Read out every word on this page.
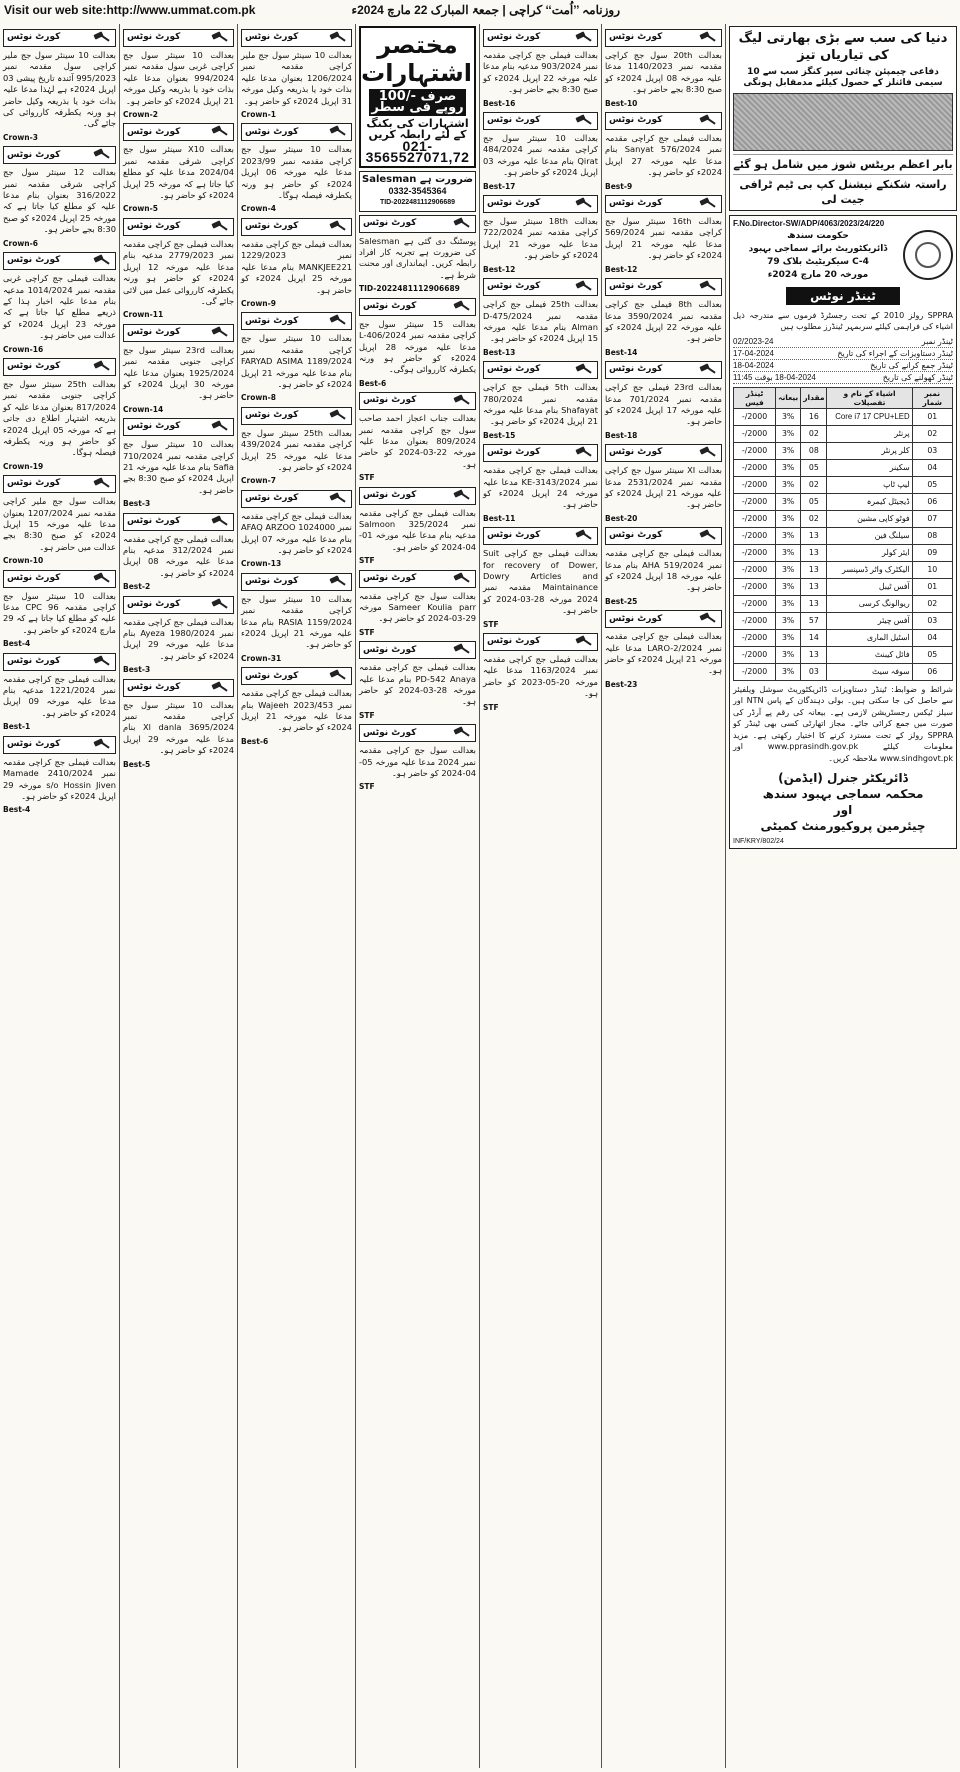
Visit our web site:http://www.ummat.com.pk	روزنامہ ’’اُمت‘‘ کراچی | جمعۃ المبارک 22 مارچ 2024ء
کورٹ نوٹس

بعدالت 10 سینئر سول جج ملیر کراچی سول مقدمہ نمبر 995/2023 آئندہ تاریخ پیشی 03 اپریل 2024ء ہے لہٰذا مدعا علیہ بذات خود یا بذریعہ وکیل حاضر ہو ورنہ یکطرفہ کارروائی کی جائے گی۔

Crown-3
کورٹ نوٹس

بعدالت 12 سینئر سول جج کراچی شرقی مقدمہ نمبر 316/2022 بعنوان بنام مدعا علیہ کو مطلع کیا جاتا ہے کہ مورخہ 25 اپریل 2024ء کو صبح 8:30 بجے حاضر ہو۔

Crown-6
کورٹ نوٹس

بعدالت فیملی جج کراچی غربی مقدمہ نمبر 1014/2024 مدعیہ بنام مدعا علیہ اخبار ہذا کے ذریعے مطلع کیا جاتا ہے کہ مورخہ 23 اپریل 2024ء کو عدالت میں حاضر ہو۔

Crown-16
کورٹ نوٹس

بعدالت 25th سینئر سول جج کراچی جنوبی مقدمہ نمبر 817/2024 بعنوان مدعا علیہ کو بذریعہ اشتہار اطلاع دی جاتی ہے کہ مورخہ 05 اپریل 2024ء کو حاضر ہو ورنہ یکطرفہ فیصلہ ہوگا۔

Crown-19
کورٹ نوٹس

بعدالت سول جج ملیر کراچی مقدمہ نمبر 1207/2024 بعنوان مدعا علیہ مورخہ 15 اپریل 2024ء کو صبح 8:30 بجے عدالت میں حاضر ہو۔

Crown-10
کورٹ نوٹس

بعدالت 10 سینئر سول جج کراچی مقدمہ CPC 96 مدعا علیہ کو مطلع کیا جاتا ہے کہ 29 مارچ 2024ء کو حاضر ہو۔

Best-4
کورٹ نوٹس

بعدالت فیملی جج کراچی مقدمہ نمبر 1221/2024 مدعیہ بنام مدعا علیہ مورخہ 09 اپریل 2024ء کو حاضر ہو۔

Best-1
کورٹ نوٹس

بعدالت فیملی جج کراچی مقدمہ نمبر 2410/2024 Mamade s/o Hossin Jiven مورخہ 29 اپریل 2024ء کو حاضر ہو۔

Best-4
کورٹ نوٹس

بعدالت 10 سینئر سول جج کراچی غربی سول مقدمہ نمبر 994/2024 بعنوان مدعا علیہ بذات خود یا بذریعہ وکیل مورخہ 21 اپریل 2024ء کو حاضر ہو۔

Crown-2
کورٹ نوٹس

بعدالت X10 سینئر سول جج کراچی شرقی مقدمہ نمبر 2024/04 مدعا علیہ کو مطلع کیا جاتا ہے کہ مورخہ 25 اپریل 2024ء کو حاضر ہو۔

Crown-5
کورٹ نوٹس

بعدالت فیملی جج کراچی مقدمہ نمبر 2779/2023 مدعیہ بنام مدعا علیہ مورخہ 12 اپریل 2024ء کو حاضر ہو ورنہ یکطرفہ کارروائی عمل میں لائی جائے گی۔

Crown-11
کورٹ نوٹس

بعدالت 23rd سینئر سول جج کراچی جنوبی مقدمہ نمبر 1925/2024 بعنوان مدعا علیہ مورخہ 30 اپریل 2024ء کو حاضر ہو۔

Crown-14
کورٹ نوٹس

بعدالت 10 سینئر سول جج کراچی مقدمہ نمبر 710/2024 Safia بنام مدعا علیہ مورخہ 21 اپریل 2024ء کو صبح 8:30 بجے حاضر ہو۔

Best-3
کورٹ نوٹس

بعدالت فیملی جج کراچی مقدمہ نمبر 312/2024 مدعیہ بنام مدعا علیہ مورخہ 08 اپریل 2024ء کو حاضر ہو۔

Best-2
کورٹ نوٹس

بعدالت فیملی جج کراچی مقدمہ نمبر 1980/2024 Ayeza بنام مدعا علیہ مورخہ 29 اپریل 2024ء کو حاضر ہو۔

Best-3
کورٹ نوٹس

بعدالت 10 سینئر سول جج کراچی مقدمہ نمبر 3695/2024 Xl danla بنام مدعا علیہ مورخہ 29 اپریل 2024ء کو حاضر ہو۔

Best-5
کورٹ نوٹس

بعدالت 10 سینئر سول جج ملیر کراچی مقدمہ نمبر 1206/2024 بعنوان مدعا علیہ بذات خود یا بذریعہ وکیل مورخہ 31 اپریل 2024ء کو حاضر ہو۔

Crown-1
کورٹ نوٹس

بعدالت 10 سینئر سول جج کراچی مقدمہ نمبر 2023/99 مدعا علیہ مورخہ 06 اپریل 2024ء کو حاضر ہو ورنہ یکطرفہ فیصلہ ہوگا۔

Crown-4
کورٹ نوٹس

بعدالت فیملی جج کراچی مقدمہ نمبر 1229/2023 MANKJEE221 بنام مدعا علیہ مورخہ 25 اپریل 2024ء کو حاضر ہو۔

Crown-9
کورٹ نوٹس

بعدالت 10 سینئر سول جج کراچی مقدمہ نمبر 1189/2024 FARYAD ASIMA بنام مدعا علیہ مورخہ 21 اپریل 2024ء کو حاضر ہو۔

Crown-8
کورٹ نوٹس

بعدالت 25th سینئر سول جج کراچی مقدمہ نمبر 439/2024 مدعا علیہ مورخہ 25 اپریل 2024ء کو حاضر ہو۔

Crown-7
کورٹ نوٹس

بعدالت فیملی جج کراچی مقدمہ نمبر 1024000 AFAQ ARZOO بنام مدعا علیہ مورخہ 07 اپریل 2024ء کو حاضر ہو۔

Crown-13
کورٹ نوٹس

بعدالت 10 سینئر سول جج کراچی مقدمہ نمبر 1159/2024 RASIA بنام مدعا علیہ مورخہ 21 اپریل 2024ء کو حاضر ہو۔

Crown-31
کورٹ نوٹس

بعدالت فیملی جج کراچی مقدمہ نمبر 2023/453 Wajeeh بنام مدعا علیہ مورخہ 21 اپریل 2024ء کو حاضر ہو۔

Best-6
مختصر اشتہارات
صرف -/100 روپے فی سطر
اشتہارات کی بکنگ کے لئے رابطہ کریں
021-3565527071,72
ضرورت ہے Salesman
0332-3545364
TID-2022481112906689
کورٹ نوٹس

پوسٹنگ دی گئی ہے Salesman کی ضرورت ہے تجربہ کار افراد رابطہ کریں۔ ایمانداری اور محنت شرط ہے۔

TID-2022481112906689
کورٹ نوٹس

بعدالت 15 سینئر سول جج کراچی مقدمہ نمبر L-406/2024 مدعا علیہ مورخہ 28 اپریل 2024ء کو حاضر ہو ورنہ یکطرفہ کارروائی ہوگی۔

Best-6
کورٹ نوٹس

بعدالت جناب اعجاز احمد صاحب سول جج کراچی مقدمہ نمبر 809/2024 بعنوان مدعا علیہ مورخہ 22-03-2024 کو حاضر ہو۔

STF
کورٹ نوٹس

بعدالت فیملی جج کراچی مقدمہ نمبر 325/2024 Salmoon مدعیہ بنام مدعا علیہ مورخہ 01-04-2024 کو حاضر ہو۔

STF
کورٹ نوٹس

بعدالت سول جج کراچی مقدمہ Sameer Koulia parr مورخہ 29-03-2024 کو حاضر ہو۔

STF
کورٹ نوٹس

بعدالت فیملی جج کراچی مقدمہ PD-542 Anaya بنام مدعا علیہ مورخہ 28-03-2024 کو حاضر ہو۔

STF
کورٹ نوٹس

بعدالت سول جج کراچی مقدمہ نمبر 2024 مدعا علیہ مورخہ 05-04-2024 کو حاضر ہو۔

STF
کورٹ نوٹس

بعدالت فیملی جج کراچی مقدمہ نمبر 903/2024 مدعیہ بنام مدعا علیہ مورخہ 22 اپریل 2024ء کو صبح 8:30 بجے حاضر ہو۔

Best-16
کورٹ نوٹس

بعدالت 10 سینئر سول جج کراچی مقدمہ نمبر 484/2024 Qirat بنام مدعا علیہ مورخہ 03 اپریل 2024ء کو حاضر ہو۔

Best-17
کورٹ نوٹس

بعدالت 18th سینئر سول جج کراچی مقدمہ نمبر 722/2024 مدعا علیہ مورخہ 21 اپریل 2024ء کو حاضر ہو۔

Best-12
کورٹ نوٹس

بعدالت 25th فیملی جج کراچی مقدمہ نمبر D-475/2024 Alman بنام مدعا علیہ مورخہ 15 اپریل 2024ء کو حاضر ہو۔

Best-13
کورٹ نوٹس

بعدالت 5th فیملی جج کراچی مقدمہ نمبر 780/2024 Shafayat بنام مدعا علیہ مورخہ 21 اپریل 2024ء کو حاضر ہو۔

Best-15
کورٹ نوٹس

بعدالت فیملی جج کراچی مقدمہ نمبر KE-3143/2024 مدعا علیہ مورخہ 24 اپریل 2024ء کو حاضر ہو۔

Best-11
کورٹ نوٹس

بعدالت فیملی جج کراچی Suit for recovery of Dower, Dowry Articles and Maintainance مقدمہ نمبر 2024 مورخہ 28-03-2024 کو حاضر ہو۔

STF
کورٹ نوٹس

بعدالت فیملی جج کراچی مقدمہ نمبر 1163/2024 مدعا علیہ مورخہ 20-05-2023 کو حاضر ہو۔

STF
کورٹ نوٹس

بعدالت 20th سول جج کراچی مقدمہ نمبر 1140/2023 مدعا علیہ مورخہ 08 اپریل 2024ء کو صبح 8:30 بجے حاضر ہو۔

Best-10
کورٹ نوٹس

بعدالت فیملی جج کراچی مقدمہ نمبر 576/2024 Sanyat بنام مدعا علیہ مورخہ 27 اپریل 2024ء کو حاضر ہو۔

Best-9
کورٹ نوٹس

بعدالت 16th سینئر سول جج کراچی مقدمہ نمبر 569/2024 مدعا علیہ مورخہ 21 اپریل 2024ء کو حاضر ہو۔

Best-12
کورٹ نوٹس

بعدالت 8th فیملی جج کراچی مقدمہ نمبر 3590/2024 مدعا علیہ مورخہ 22 اپریل 2024ء کو حاضر ہو۔

Best-14
کورٹ نوٹس

بعدالت 23rd فیملی جج کراچی مقدمہ نمبر 701/2024 مدعا علیہ مورخہ 17 اپریل 2024ء کو حاضر ہو۔

Best-18
کورٹ نوٹس

بعدالت XI سینئر سول جج کراچی مقدمہ نمبر 2531/2024 مدعا علیہ مورخہ 21 اپریل 2024ء کو حاضر ہو۔

Best-20
کورٹ نوٹس

بعدالت فیملی جج کراچی مقدمہ نمبر 519/2024 AHA بنام مدعا علیہ مورخہ 18 اپریل 2024ء کو حاضر ہو۔

Best-25
کورٹ نوٹس

بعدالت فیملی جج کراچی مقدمہ نمبر LARO-2/2024 مدعا علیہ مورخہ 21 اپریل 2024ء کو حاضر ہو۔

Best-23
دنیا کی سب سے بڑی بھارتی لیگ کی تیاریاں تیز
دفاعی چیمپئن چنائی سپر کنگز سب سے 10 سیمی فائنلز کے حصول کیلئے مدمقابل ہونگی
بابر اعظم بریٹس شوز میں شامل ہو گئے
راستہ شکنکے نیشنل کپ بی ٹیم ٹرافی جیت لی
F.No.Director-SW/ADP/4063/2023/24/220
حکومت سندھ
ڈائریکٹوریٹ برائے سماجی بہبود
C-4 سیکریٹیٹ بلاک 79
مورخہ 20 مارچ 2024ء
ٹینڈر نوٹس
SPPRA رولز 2010 کے تحت رجسٹرڈ فرموں سے مندرجہ ذیل اشیاء کی فراہمی کیلئے سربمہر ٹینڈرز مطلوب ہیں
ٹینڈر نمبر
02/2023-24
ٹینڈر دستاویزات کے اجراء کی تاریخ
17-04-2024
ٹینڈر جمع کرانے کی تاریخ
18-04-2024
ٹینڈر کھولنے کی تاریخ
18-04-2024 بوقت 11:45
نمبر شمار	اشیاء کے نام و تفصیلات	مقدار	بیعانہ	ٹینڈر فیس
01	Core i7 17 CPU+LED	16	3%	2000/-
02	پرنٹر	02	3%	2000/-
03	کلر پرنٹر	08	3%	2000/-
04	سکینر	05	3%	2000/-
05	لیپ ٹاپ	02	3%	2000/-
06	ڈیجیٹل کیمرہ	05	3%	2000/-
07	فوٹو کاپی مشین	02	3%	2000/-
08	سیلنگ فین	13	3%	2000/-
09	ایئر کولر	13	3%	2000/-
10	الیکٹرک واٹر ڈسپنسر	13	3%	2000/-
01	آفس ٹیبل	13	3%	2000/-
02	ریوالونگ کرسی	13	3%	2000/-
03	آفس چیئر	57	3%	2000/-
04	اسٹیل الماری	14	3%	2000/-
05	فائل کیبنٹ	13	3%	2000/-
06	سوفہ سیٹ	03	3%	2000/-
شرائط و ضوابط: ٹینڈر دستاویزات ڈائریکٹوریٹ سوشل ویلفیئر سے حاصل کی جا سکتی ہیں۔ بولی دہندگان کے پاس NTN اور سیلز ٹیکس رجسٹریشن لازمی ہے۔ بیعانہ کی رقم پے آرڈر کی صورت میں جمع کرائی جائے۔ مجاز اتھارٹی کسی بھی ٹینڈر کو SPPRA رولز کے تحت مسترد کرنے کا اختیار رکھتی ہے۔ مزید معلومات کیلئے www.pprasindh.gov.pk اور www.sindhgovt.pk ملاحظہ کریں۔
ڈائریکٹر جنرل (ایڈمن)
محکمہ سماجی بہبود سندھ
اور
چیئرمین پروکیورمنٹ کمیٹی
INF/KRY/802/24
